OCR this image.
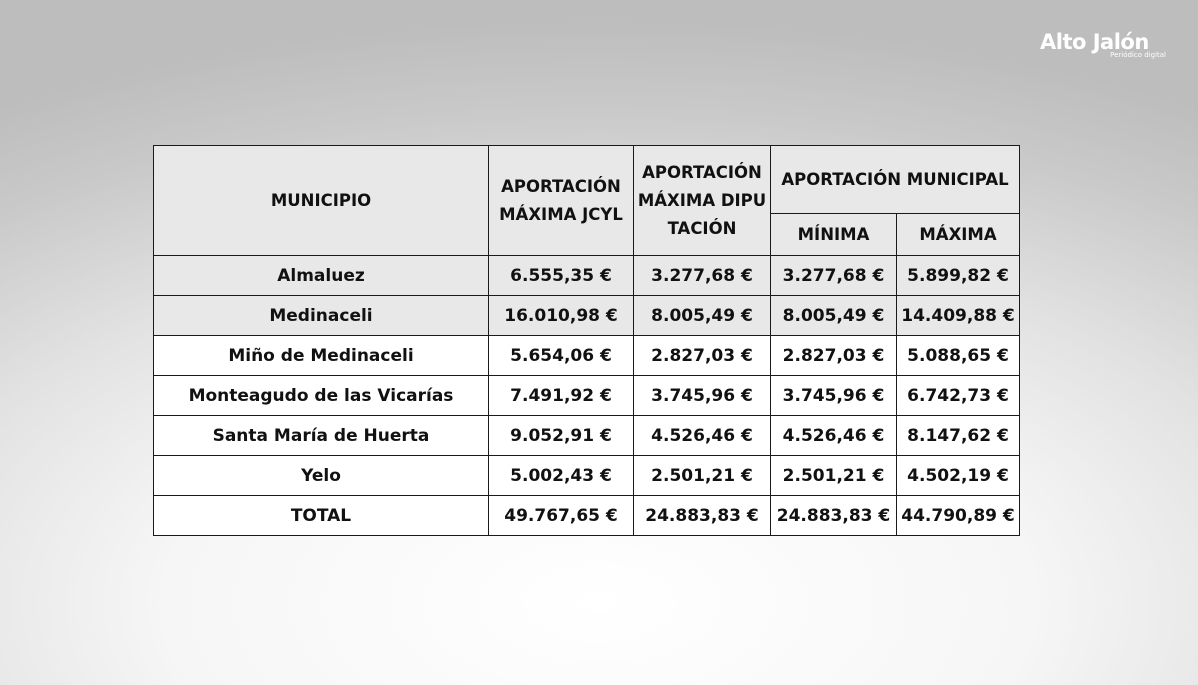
Alto Jalón
Periódico digital
MUNICIPIO	APORTACIÓN MÁXIMA JCYL	APORTACIÓN MÁXIMA DIPUTACIÓN	APORTACIÓN MUNICIPAL	
			MÍNIMA	MÁXIMA
Almaluez	6.555,35 €	3.277,68 €	3.277,68 €	5.899,82 €
Medinaceli	16.010,98 €	8.005,49 €	8.005,49 €	14.409,88 €
Miño de Medinaceli	5.654,06 €	2.827,03 €	2.827,03 €	5.088,65 €
Monteagudo de las Vicarías	7.491,92 €	3.745,96 €	3.745,96 €	6.742,73 €
Santa María de Huerta	9.052,91 €	4.526,46 €	4.526,46 €	8.147,62 €
Yelo	5.002,43 €	2.501,21 €	2.501,21 €	4.502,19 €
TOTAL	49.767,65 €	24.883,83 €	24.883,83 €	44.790,89 €
